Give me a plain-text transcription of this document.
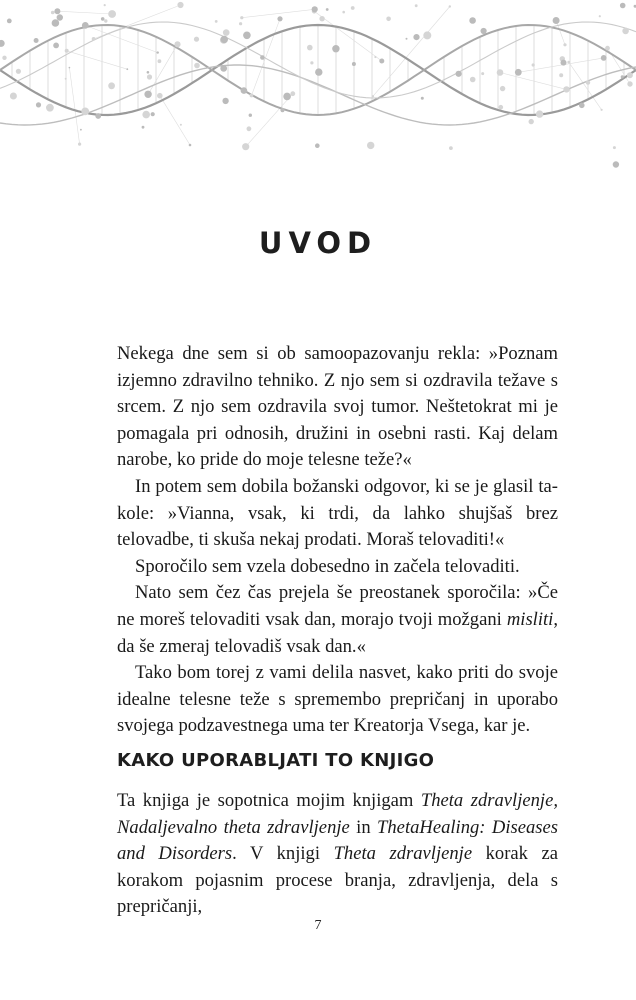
UVOD

Nekega dne sem si ob samoopazovanju rekla: »Poznam izjemno zdravilno tehniko. Z njo sem si ozdravila težave s srcem. Z njo sem ozdravila svoj tumor. Neštetokrat mi je pomagala pri odnosih, družini in osebni rasti. Kaj delam narobe, ko pride do moje telesne teže?«

In potem sem dobila božanski odgovor, ki se je glasil takole: »Vianna, vsak, ki trdi, da lahko shujšaš brez telovadbe, ti skuša nekaj prodati. Moraš telovaditi!«

Sporočilo sem vzela dobesedno in začela telovaditi.

Nato sem čez čas prejela še preostanek sporočila: »Če ne moreš telovaditi vsak dan, morajo tvoji možgani misliti, da še zmeraj telovadiš vsak dan.«

Tako bom torej z vami delila nasvet, kako priti do svoje idealne telesne teže s spremembo prepričanj in uporabo svojega podzavestnega uma ter Kreatorja Vsega, kar je.

KAKO UPORABLJATI TO KNJIGO

Ta knjiga je sopotnica mojim knjigam Theta zdravljenje, Nadaljevalno theta zdravljenje in ThetaHealing: Diseases and Disorders. V knjigi Theta zdravljenje korak za korakom pojasnim procese branja, zdravljenja, dela s prepričanji,

7
